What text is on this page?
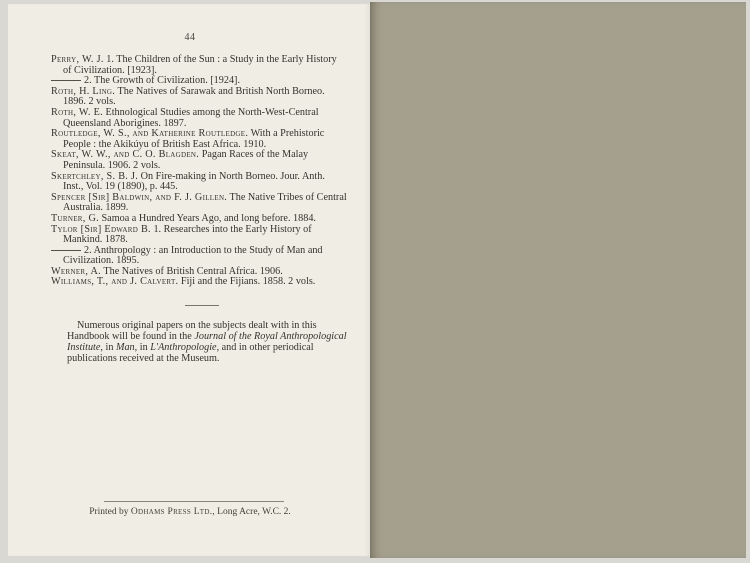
44

Perry, W. J. 1. The Children of the Sun : a Study in the Early History of Civilization. [1923].

2. The Growth of Civilization. [1924].

Roth, H. Ling. The Natives of Sarawak and British North Borneo. 1896. 2 vols.

Roth, W. E. Ethnological Studies among the North-West-Central Queensland Aborigines. 1897.

Routledge, W. S., and Katherine Routledge. With a Prehistoric People : the Akikúyu of British East Africa. 1910.

Skeat, W. W., and C. O. Blagden. Pagan Races of the Malay Peninsula. 1906. 2 vols.

Skertchley, S. B. J. On Fire-making in North Borneo. Jour. Anth. Inst., Vol. 19 (1890), p. 445.

Spencer [Sir] Baldwin, and F. J. Gillen. The Native Tribes of Central Australia. 1899.

Turner, G. Samoa a Hundred Years Ago, and long before. 1884.

Tylor [Sir] Edward B. 1. Researches into the Early History of Mankind. 1878.

2. Anthropology : an Introduction to the Study of Man and Civilization. 1895.

Werner, A. The Natives of British Central Africa. 1906.

Williams, T., and J. Calvert. Fiji and the Fijians. 1858. 2 vols.

Numerous original papers on the subjects dealt with in this Handbook will be found in the Journal of the Royal Anthropological Institute, in Man, in L'Anthropologie, and in other periodical publications received at the Museum.

Printed by Odhams Press Ltd., Long Acre, W.C. 2.
